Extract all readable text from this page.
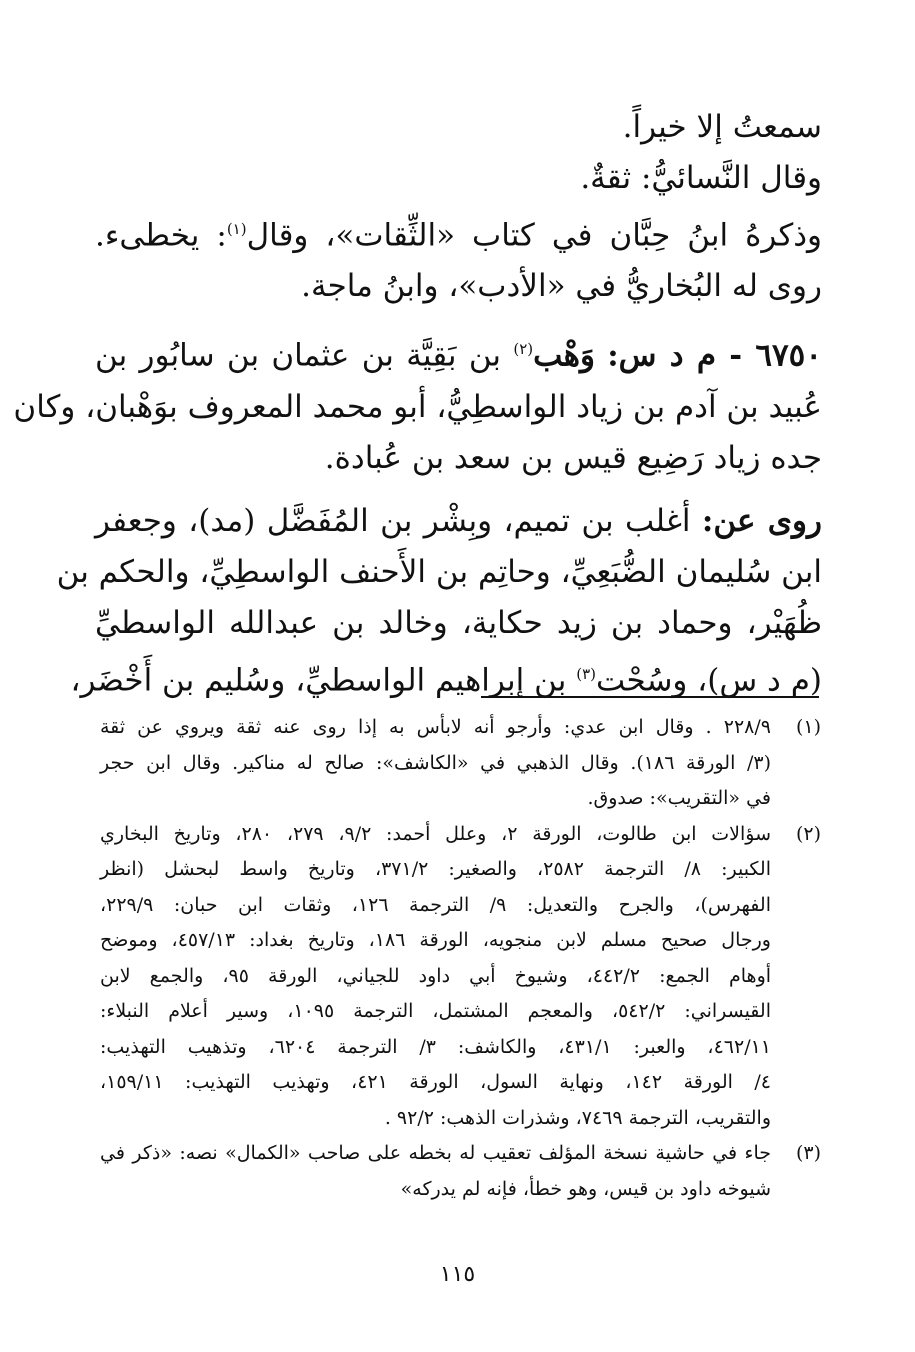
سمعتُ إلا خيراً.
وقال النَّسائيُّ: ثقةٌ.
وذكرهُ ابنُ حِبَّان في كتاب «الثِّقات»، وقال$^{(١)}$: يخطىء.
روى له البُخاريُّ في «الأدب»، وابنُ ماجة.
٦٧٥٠ - م د س: وَهْب$^{(٢)}$ بن بَقِيَّة بن عثمان بن سابُور بن
عُبيد بن آدم بن زياد الواسطِيُّ، أبو محمد المعروف بوَهْبان، وكان
جده زياد رَضِيع قيس بن سعد بن عُبادة.
روى عن: أغلب بن تميم، وبِشْر بن المُفَضَّل (مد)، وجعفر
ابن سُليمان الضُّبَعِيِّ، وحاتِم بن الأَحنف الواسطِيِّ، والحكم بن
ظُهَيْر، وحماد بن زيد حكاية، وخالد بن عبدالله الواسطيِّ
(م د س)، وسُحْت$^{(٣)}$ بن إبراهيم الواسطيِّ، وسُليم بن أَخْضَر،
(١)
٢٢٨/٩ . وقال ابن عدي: وأرجو أنه لابأس به إذا روى عنه ثقة ويروي عن ثقة
(٣/ الورقة ١٨٦). وقال الذهبي في «الكاشف»: صالح له مناكير. وقال ابن حجر
في «التقريب»: صدوق.
(٢)
سؤالات ابن طالوت، الورقة ٢، وعلل أحمد: ٩/٢، ٢٧٩، ٢٨٠، وتاريخ البخاري
الكبير: ٨/ الترجمة ٢٥٨٢، والصغير: ٣٧١/٢، وتاريخ واسط لبحشل (انظر
الفهرس)، والجرح والتعديل: ٩/ الترجمة ١٢٦، وثقات ابن حبان: ٢٢٩/٩،
ورجال صحيح مسلم لابن منجويه، الورقة ١٨٦، وتاريخ بغداد: ٤٥٧/١٣، وموضح
أوهام الجمع: ٤٤٢/٢، وشيوخ أبي داود للجياني، الورقة ٩٥، والجمع لابن
القيسراني: ٥٤٢/٢، والمعجم المشتمل، الترجمة ١٠٩٥، وسير أعلام النبلاء:
٤٦٢/١١، والعبر: ٤٣١/١، والكاشف: ٣/ الترجمة ٦٢٠٤، وتذهيب التهذيب:
٤/ الورقة ١٤٢، ونهاية السول، الورقة ٤٢١، وتهذيب التهذيب: ١٥٩/١١،
والتقريب، الترجمة ٧٤٦٩، وشذرات الذهب: ٩٢/٢ .
(٣)
جاء في حاشية نسخة المؤلف تعقيب له بخطه على صاحب «الكمال» نصه: «ذكر في
شيوخه داود بن قيس، وهو خطأ، فإنه لم يدركه»
١١٥
